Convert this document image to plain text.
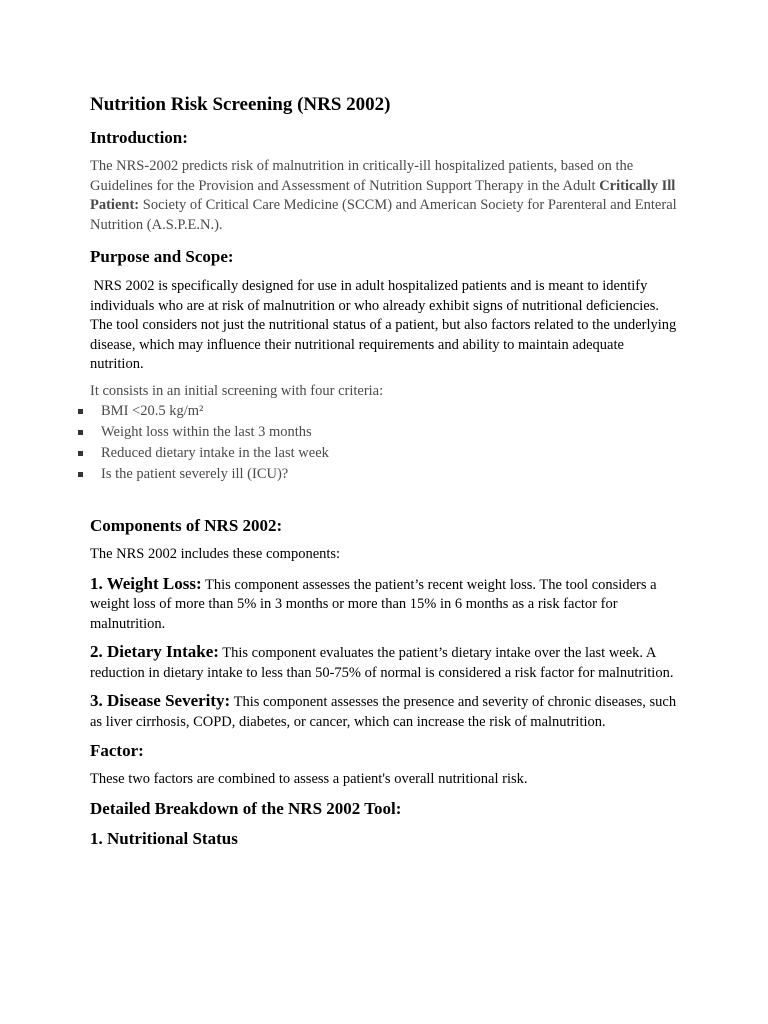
Nutrition Risk Screening (NRS 2002)
Introduction:

The NRS-2002 predicts risk of malnutrition in critically-ill hospitalized patients, based on the Guidelines for the Provision and Assessment of Nutrition Support Therapy in the Adult Critically Ill Patient: Society of Critical Care Medicine (SCCM) and American Society for Parenteral and Enteral Nutrition (A.S.P.E.N.).

Purpose and Scope:

NRS 2002 is specifically designed for use in adult hospitalized patients and is meant to identify individuals who are at risk of malnutrition or who already exhibit signs of nutritional deficiencies. The tool considers not just the nutritional status of a patient, but also factors related to the underlying disease, which may influence their nutritional requirements and ability to maintain adequate nutrition.

It consists in an initial screening with four criteria:

BMI <20.5 kg/m²
Weight loss within the last 3 months
Reduced dietary intake in the last week
Is the patient severely ill (ICU)?
Components of NRS 2002:

The NRS 2002 includes these components:

1. Weight Loss: This component assesses the patient’s recent weight loss. The tool considers a weight loss of more than 5% in 3 months or more than 15% in 6 months as a risk factor for malnutrition.

2. Dietary Intake: This component evaluates the patient’s dietary intake over the last week. A reduction in dietary intake to less than 50-75% of normal is considered a risk factor for malnutrition.

3. Disease Severity: This component assesses the presence and severity of chronic diseases, such as liver cirrhosis, COPD, diabetes, or cancer, which can increase the risk of malnutrition.

Factor:

These two factors are combined to assess a patient's overall nutritional risk.

Detailed Breakdown of the NRS 2002 Tool:
1. Nutritional Status
